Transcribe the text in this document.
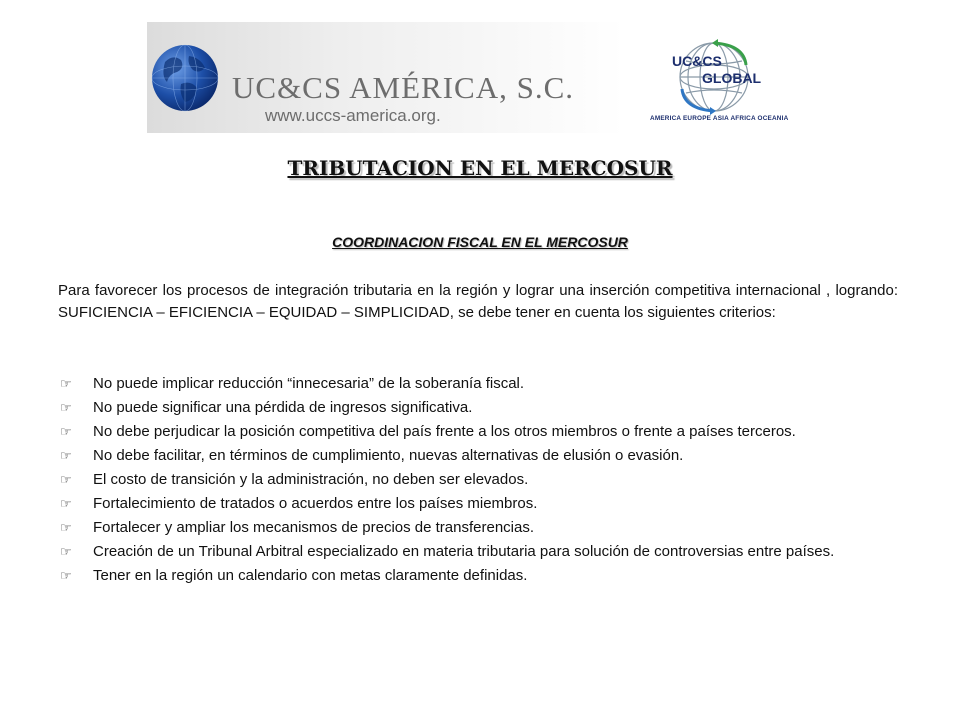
UC&CS AMÉRICA, S.C.
www.uccs-america.org.
UC&CS
GLOBAL
AMERICA EUROPE ASIA AFRICA OCEANIA
TRIBUTACION EN EL MERCOSUR
COORDINACION FISCAL EN EL MERCOSUR

Para favorecer los procesos de integración tributaria en la región y lograr una inserción competitiva internacional , logrando: SUFICIENCIA – EFICIENCIA – EQUIDAD – SIMPLICIDAD, se debe tener en cuenta los siguientes criterios:

☞ No puede implicar reducción “innecesaria” de la soberanía fiscal.
☞ No puede significar una pérdida de ingresos significativa.
☞ No debe perjudicar la posición competitiva del país frente a los otros miembros o frente a países terceros.
☞ No debe facilitar, en términos de cumplimiento, nuevas alternativas de elusión o evasión.
☞ El costo de transición y la administración, no deben ser elevados.
☞ Fortalecimiento de tratados o acuerdos entre los países miembros.
☞ Fortalecer y ampliar los mecanismos de precios de transferencias.
☞ Creación de un Tribunal Arbitral especializado en materia tributaria para solución de controversias entre países.
☞ Tener en la región un calendario con metas claramente definidas.
